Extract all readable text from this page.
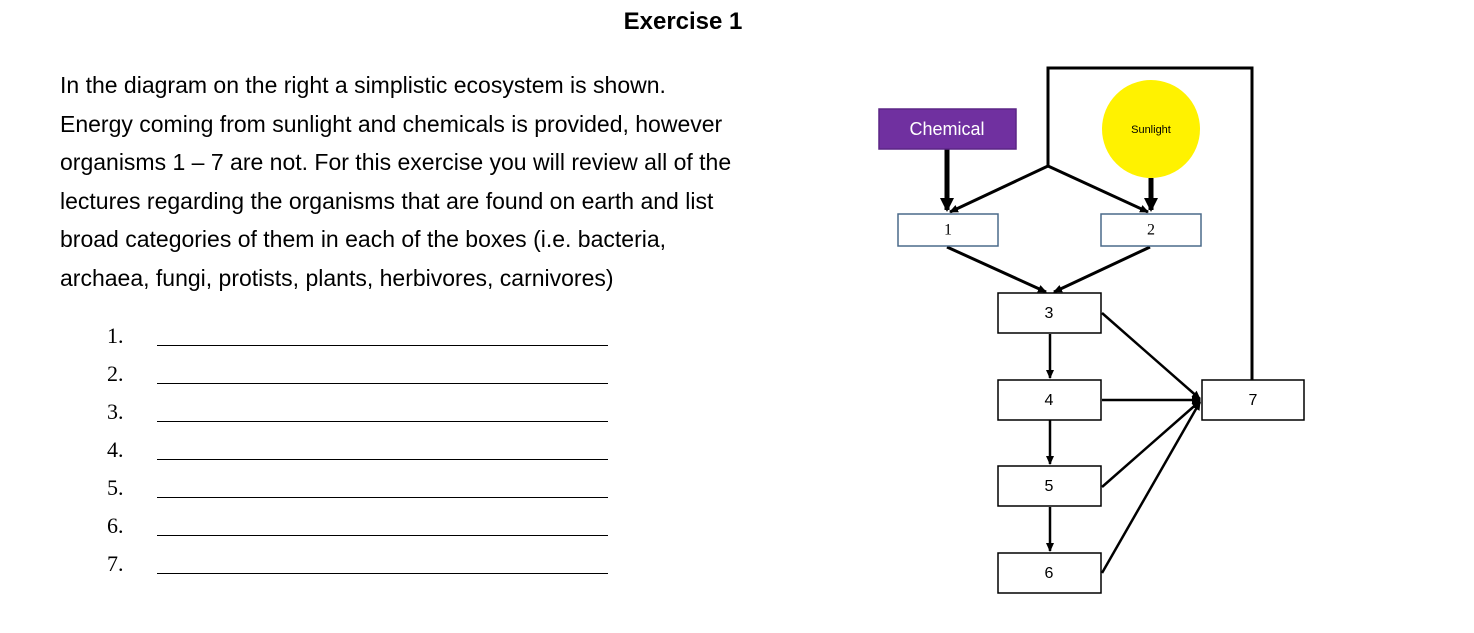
Exercise 1

In the diagram on the right a simplistic ecosystem is shown.
Energy coming from sunlight and chemicals is provided, however
organisms 1 – 7 are not. For this exercise you will review all of the
lectures regarding the organisms that are found on earth and list
broad categories of them in each of the boxes (i.e. bacteria,
archaea, fungi, protists, plants, herbivores, carnivores)

1.
2.
3.
4.
5.
6.
7.
Chemical	Sunlight
1	2
3
4
5
6
7
